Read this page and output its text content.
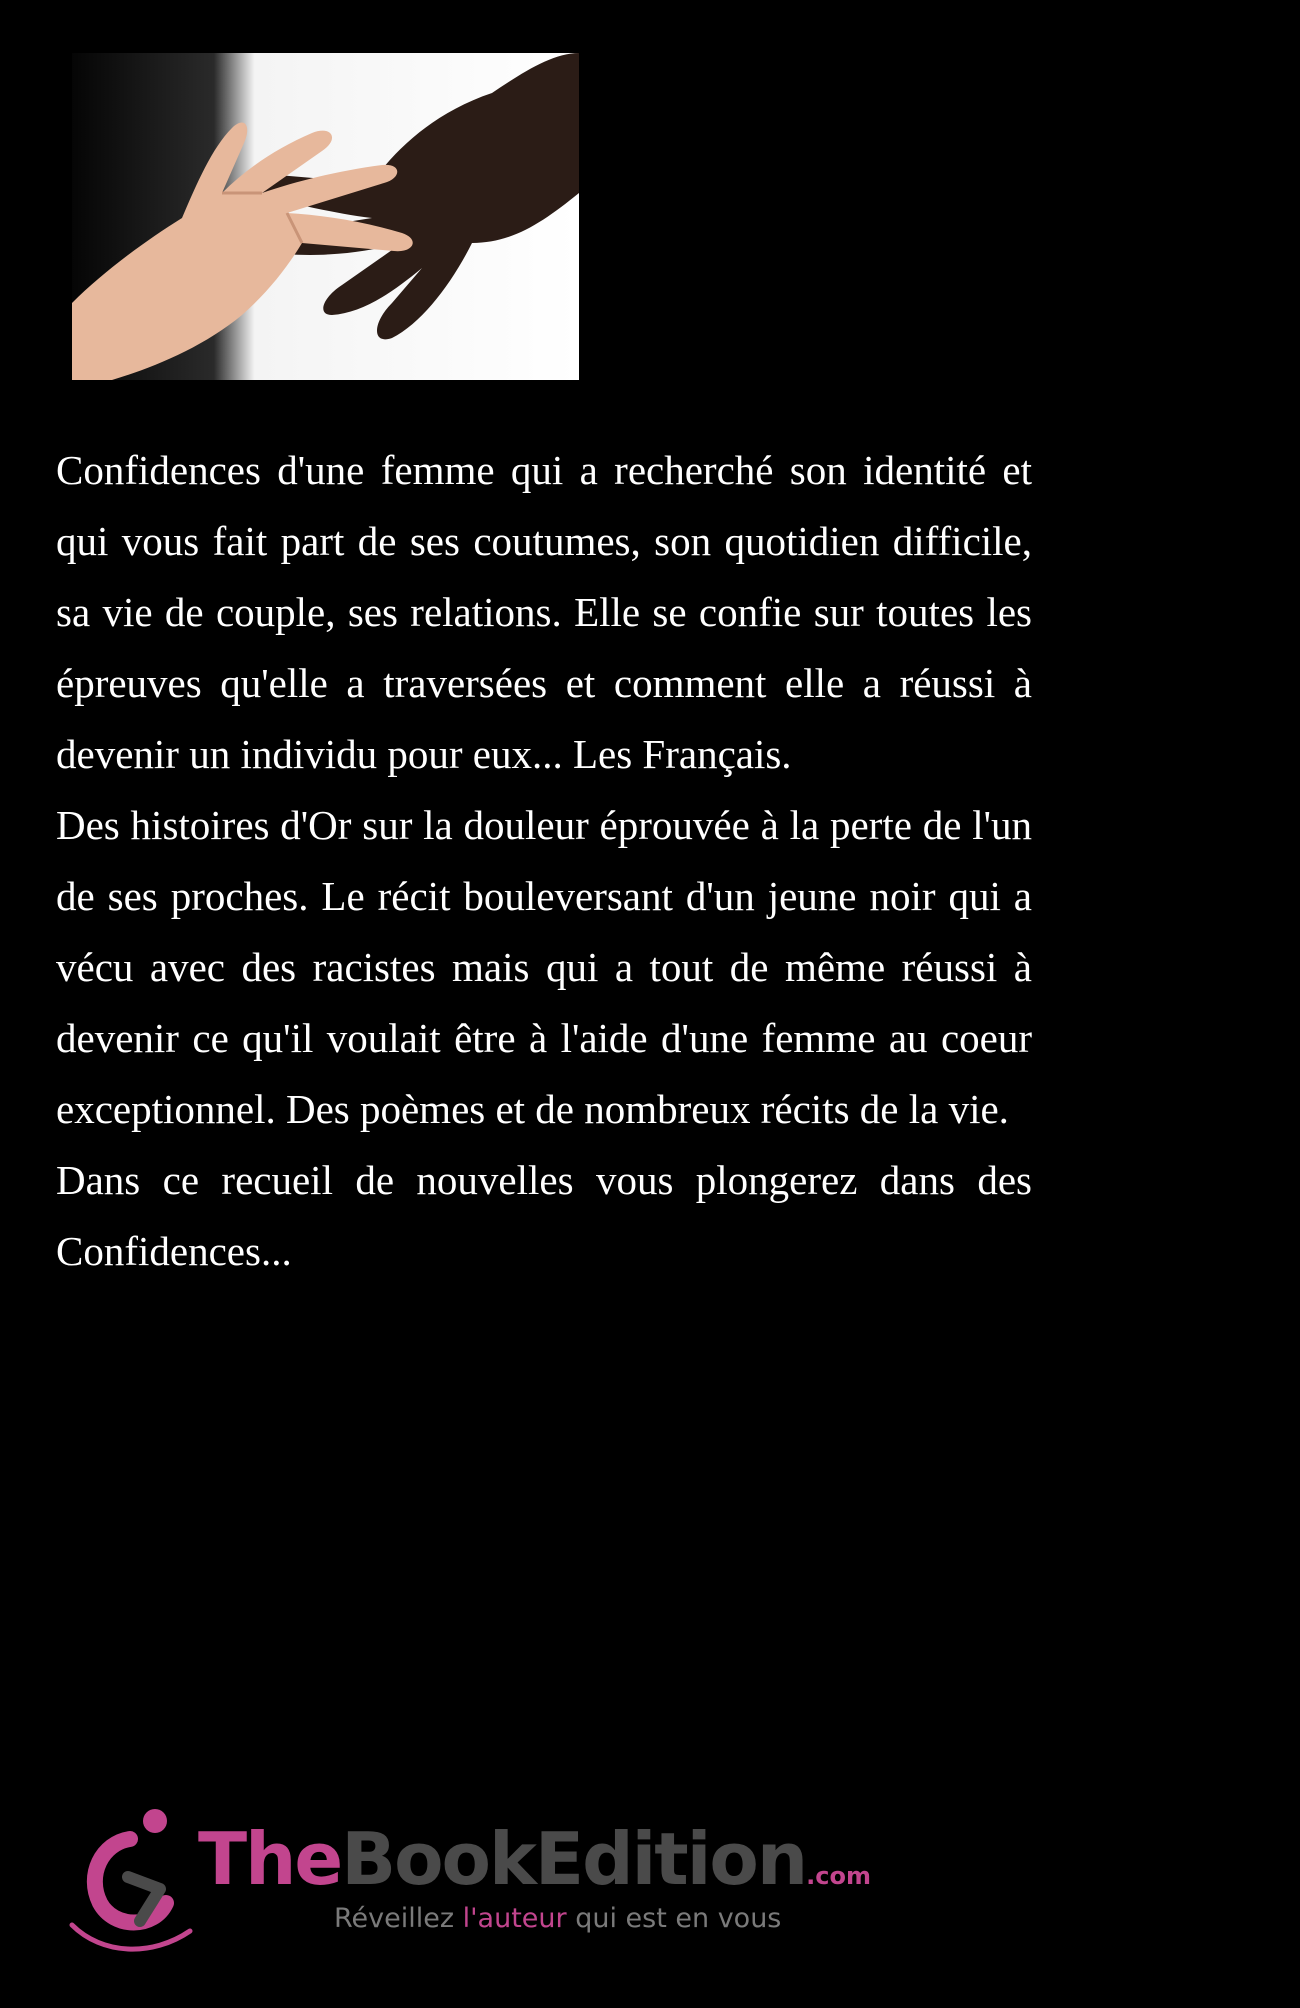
Confidences d'une femme qui a recherché son identité et qui vous fait part de ses coutumes, son quotidien difficile, sa vie de couple, ses relations. Elle se confie sur toutes les épreuves qu'elle a traversées et comment elle a réussi à devenir un individu pour eux... Les Français.

Des histoires d'Or sur la douleur éprouvée à la perte de l'un de ses proches. Le récit bouleversant d'un jeune noir qui a vécu avec des racistes mais qui a tout de même réussi à devenir ce qu'il voulait être à l'aide d'une femme au coeur exceptionnel. Des poèmes et de nombreux récits de la vie.

Dans ce recueil de nouvelles vous plongerez dans des Confidences...

TheBookEdition.com
Réveillez l'auteur qui est en vous
